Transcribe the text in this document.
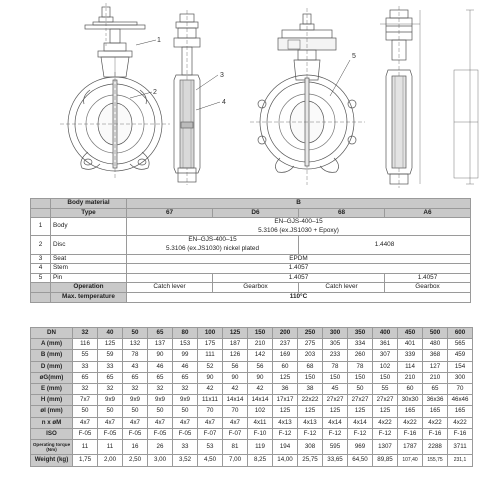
1
2
3
4
5
	Body material	B			
	Type	67	D6	68	A6
1	Body	EN–GJS-400–15
5.3106 (ex.JS1030 + Epoxy)			

2	Disc	EN–GJS-400–15
5.3106 (ex.JS1030) nickel plated		1.4408	
3	Seat	EPDM			
4	Stem	1.4057			
5	Pin		1.4057		1.4057
	Operation	Catch lever	Gearbox	Catch lever	Gearbox
	Max. temperature	110°C			
DN	32	40	50	65	80	100	125	150	200	250	300	350	400	450	500	600
A (mm)	116	125	132	137	153	175	187	210	237	275	305	334	361	401	480	565
B (mm)	55	59	78	90	99	111	126	142	169	203	233	260	307	339	368	459
D (mm)	33	33	43	46	46	52	56	56	60	68	78	78	102	114	127	154
øG(mm)	65	65	65	65	65	90	90	90	125	150	150	150	150	210	210	300
E (mm)	32	32	32	32	32	42	42	42	36	38	45	50	55	60	65	70
H (mm)	7x7	9x9	9x9	9x9	9x9	11x11	14x14	14x14	17x17	22x22	27x27	27x27	27x27	30x30	36x36	46x46
øI (mm)	50	50	50	50	50	70	70	102	125	125	125	125	125	165	165	165
n x øM	4x7	4x7	4x7	4x7	4x7	4x7	4x7	4x11	4x13	4x13	4x14	4x14	4x22	4x22	4x22	4x22
ISO	F-05	F-05	F-05	F-05	F-05	F-07	F-07	F-10	F-12	F-12	F-12	F-12	F-12	F-16	F-16	F-16
Operating torque (Nm)	11	11	16	26	33	53	81	119	194	308	595	969	1307	1787	2288	3711
Weight (kg)	1,75	2,00	2,50	3,00	3,52	4,50	7,00	8,25	14,00	25,75	33,65	64,50	89,85	107,40	155,75	231,1
